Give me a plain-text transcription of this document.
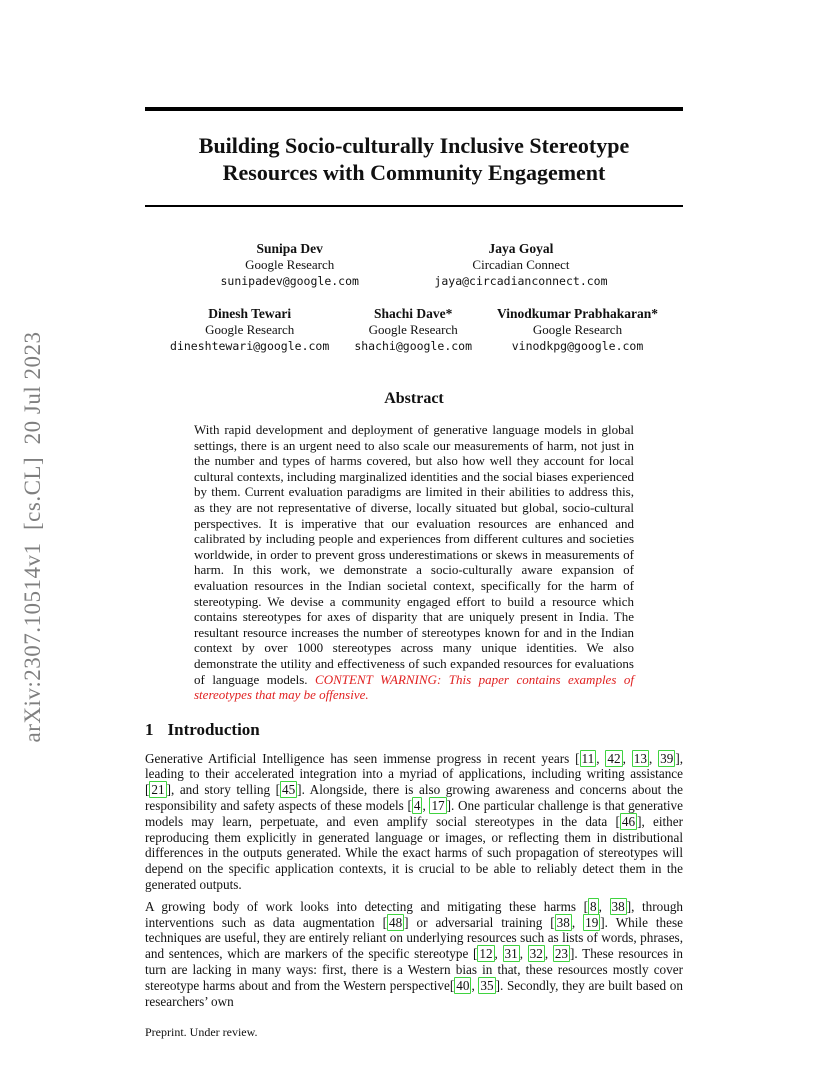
arXiv:2307.10514v1  [cs.CL]  20 Jul 2023
Building Socio-culturally Inclusive Stereotype
Resources with Community Engagement
Sunipa Dev
Google Research
sunipadev@google.com
Jaya Goyal
Circadian Connect
jaya@circadianconnect.com
Dinesh Tewari
Google Research
dineshtewari@google.com
Shachi Dave*
Google Research
shachi@google.com
Vinodkumar Prabhakaran*
Google Research
vinodkpg@google.com
Abstract

With rapid development and deployment of generative language models in global settings, there is an urgent need to also scale our measurements of harm, not just in the number and types of harms covered, but also how well they account for local cultural contexts, including marginalized identities and the social biases experienced by them. Current evaluation paradigms are limited in their abilities to address this, as they are not representative of diverse, locally situated but global, socio-cultural perspectives. It is imperative that our evaluation resources are enhanced and calibrated by including people and experiences from different cultures and societies worldwide, in order to prevent gross underestimations or skews in measurements of harm. In this work, we demonstrate a socio-culturally aware expansion of evaluation resources in the Indian societal context, specifically for the harm of stereotyping. We devise a community engaged effort to build a resource which contains stereotypes for axes of disparity that are uniquely present in India. The resultant resource increases the number of stereotypes known for and in the Indian context by over 1000 stereotypes across many unique identities. We also demonstrate the utility and effectiveness of such expanded resources for evaluations of language models. CONTENT WARNING: This paper contains examples of stereotypes that may be offensive.

1 Introduction

Generative Artificial Intelligence has seen immense progress in recent years [ 11 , 42 , 13 , 39 ], leading to their accelerated integration into a myriad of applications, including writing assistance [ 21 ], and story telling [ 45 ]. Alongside, there is also growing awareness and concerns about the responsibility and safety aspects of these models [ 4 , 17 ]. One particular challenge is that generative models may learn, perpetuate, and even amplify social stereotypes in the data [ 46 ], either reproducing them explicitly in generated language or images, or reflecting them in distributional differences in the outputs generated. While the exact harms of such propagation of stereotypes will depend on the specific application contexts, it is crucial to be able to reliably detect them in the generated outputs.

A growing body of work looks into detecting and mitigating these harms [ 8 , 38 ], through interventions such as data augmentation [ 48 ] or adversarial training [ 38 , 19 ]. While these techniques are useful, they are entirely reliant on underlying resources such as lists of words, phrases, and sentences, which are markers of the specific stereotype [ 12 , 31 , 32 , 23 ]. These resources in turn are lacking in many ways: first, there is a Western bias in that, these resources mostly cover stereotype harms about and from the Western perspective[ 40 , 35 ]. Secondly, they are built based on researchers’ own

Preprint. Under review.
